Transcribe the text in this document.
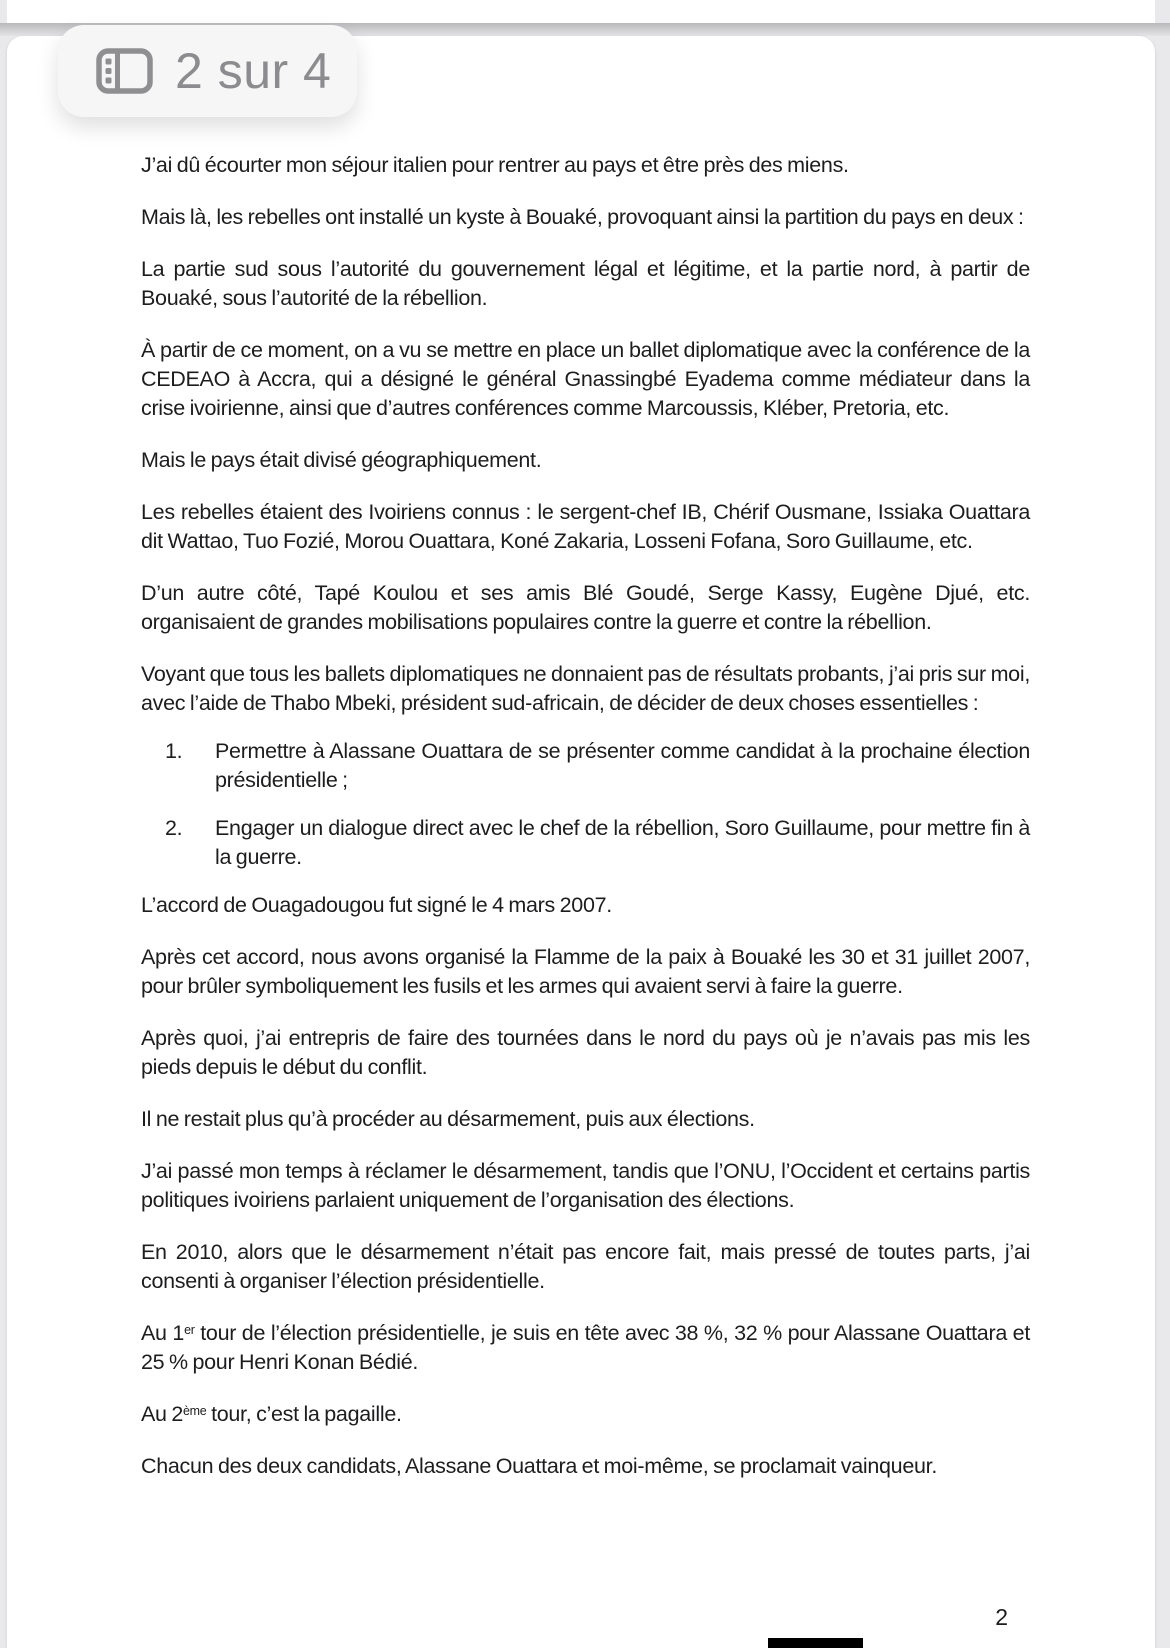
J’ai dû écourter mon séjour italien pour rentrer au pays et être près des miens.
Mais là, les rebelles ont installé un kyste à Bouaké, provoquant ainsi la partition du pays en deux :
La partie sud sous l’autorité du gouvernement légal et légitime, et la partie nord, à partir de Bouaké, sous l’autorité de la rébellion.
À partir de ce moment, on a vu se mettre en place un ballet diplomatique avec la conférence de la CEDEAO à Accra, qui a désigné le général Gnassingbé Eyadema comme médiateur dans la crise ivoirienne, ainsi que d’autres conférences comme Marcoussis, Kléber, Pretoria, etc.
Mais le pays était divisé géographiquement.
Les rebelles étaient des Ivoiriens connus : le sergent-chef IB, Chérif Ousmane, Issiaka Ouattara dit Wattao, Tuo Fozié, Morou Ouattara, Koné Zakaria, Losseni Fofana, Soro Guillaume, etc.
D’un autre côté, Tapé Koulou et ses amis Blé Goudé, Serge Kassy, Eugène Djué, etc. organisaient de grandes mobilisations populaires contre la guerre et contre la rébellion.
Voyant que tous les ballets diplomatiques ne donnaient pas de résultats probants, j’ai pris sur moi, avec l’aide de Thabo Mbeki, président sud-africain, de décider de deux choses essentielles :
1.	Permettre à Alassane Ouattara de se présenter comme candidat à la prochaine élection présidentielle ;
2.	Engager un dialogue direct avec le chef de la rébellion, Soro Guillaume, pour mettre fin à la guerre.
L’accord de Ouagadougou fut signé le 4 mars 2007.
Après cet accord, nous avons organisé la Flamme de la paix à Bouaké les 30 et 31 juillet 2007, pour brûler symboliquement les fusils et les armes qui avaient servi à faire la guerre.
Après quoi, j’ai entrepris de faire des tournées dans le nord du pays où je n’avais pas mis les pieds depuis le début du conflit.
Il ne restait plus qu’à procéder au désarmement, puis aux élections.
J’ai passé mon temps à réclamer le désarmement, tandis que l’ONU, l’Occident et certains partis politiques ivoiriens parlaient uniquement de l’organisation des élections.
En 2010, alors que le désarmement n’était pas encore fait, mais pressé de toutes parts, j’ai consenti à organiser l’élection présidentielle.
Au 1er tour de l’élection présidentielle, je suis en tête avec 38 %, 32 % pour Alassane Ouattara et 25 % pour Henri Konan Bédié.
Au 2ème tour, c’est la pagaille.
Chacun des deux candidats, Alassane Ouattara et moi-même, se proclamait vainqueur.
2
2 sur 4
